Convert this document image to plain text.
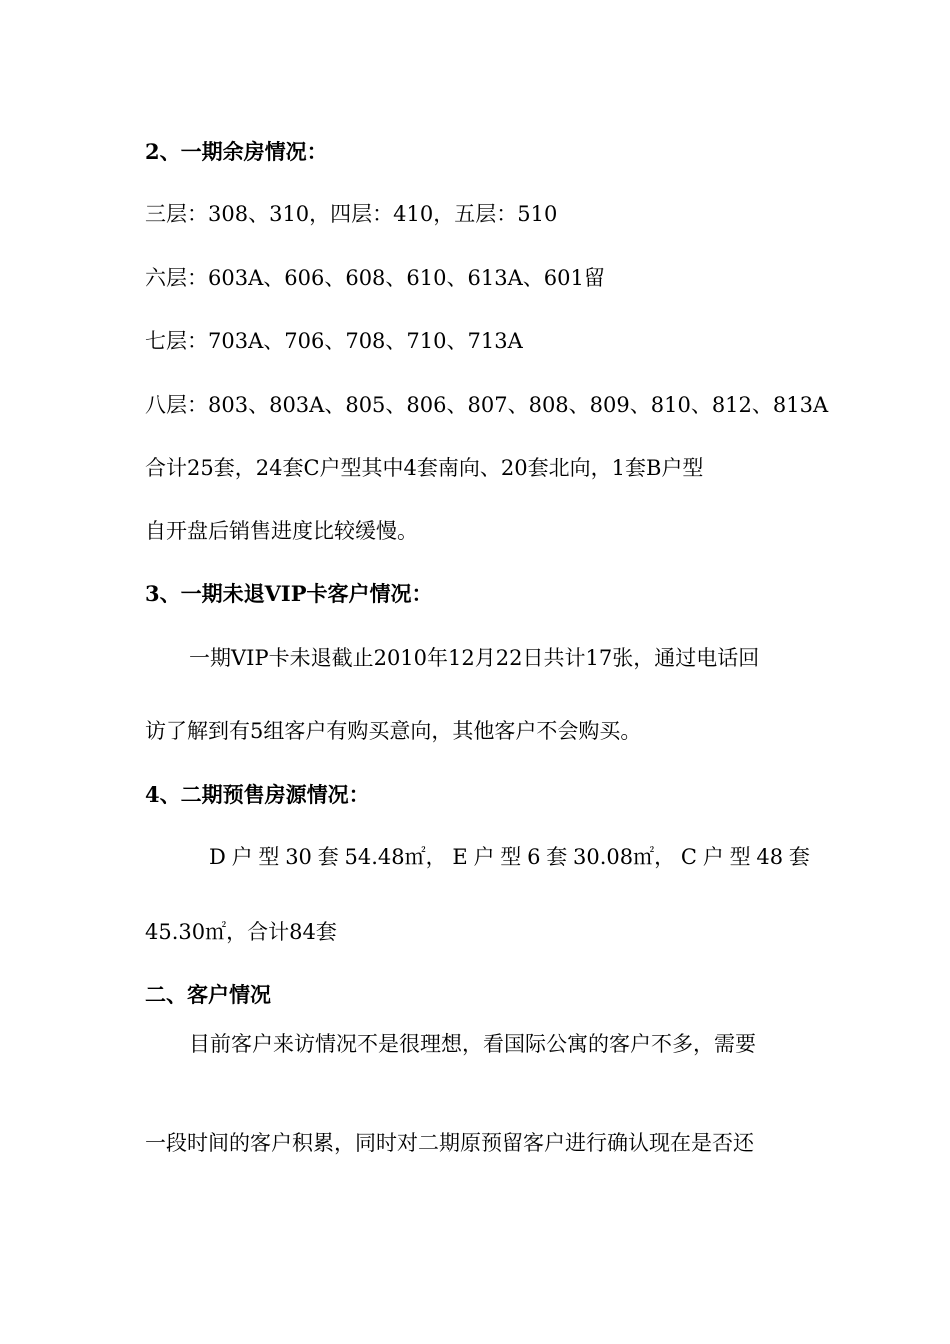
2、一期余房情况：
三层：308、310，四层：410，五层：510
六层：603A、606、608、610、613A、601留
七层：703A、706、708、710、713A
八层：803、803A、805、806、807、808、809、810、812、813A
合计25套，24套C户型其中4套南向、20套北向，1套B户型
自开盘后销售进度比较缓慢。
3、一期未退VIP卡客户情况：
一期VIP卡未退截止2010年12月22日共计17张，通过电话回
访了解到有5组客户有购买意向，其他客户不会购买。
4、二期预售房源情况：
D 户 型 30 套 54.48㎡， E 户 型 6 套 30.08㎡， C 户 型 48 套
45.30㎡，合计84套
二、客户情况
目前客户来访情况不是很理想，看国际公寓的客户不多，需要
一段时间的客户积累，同时对二期原预留客户进行确认现在是否还
